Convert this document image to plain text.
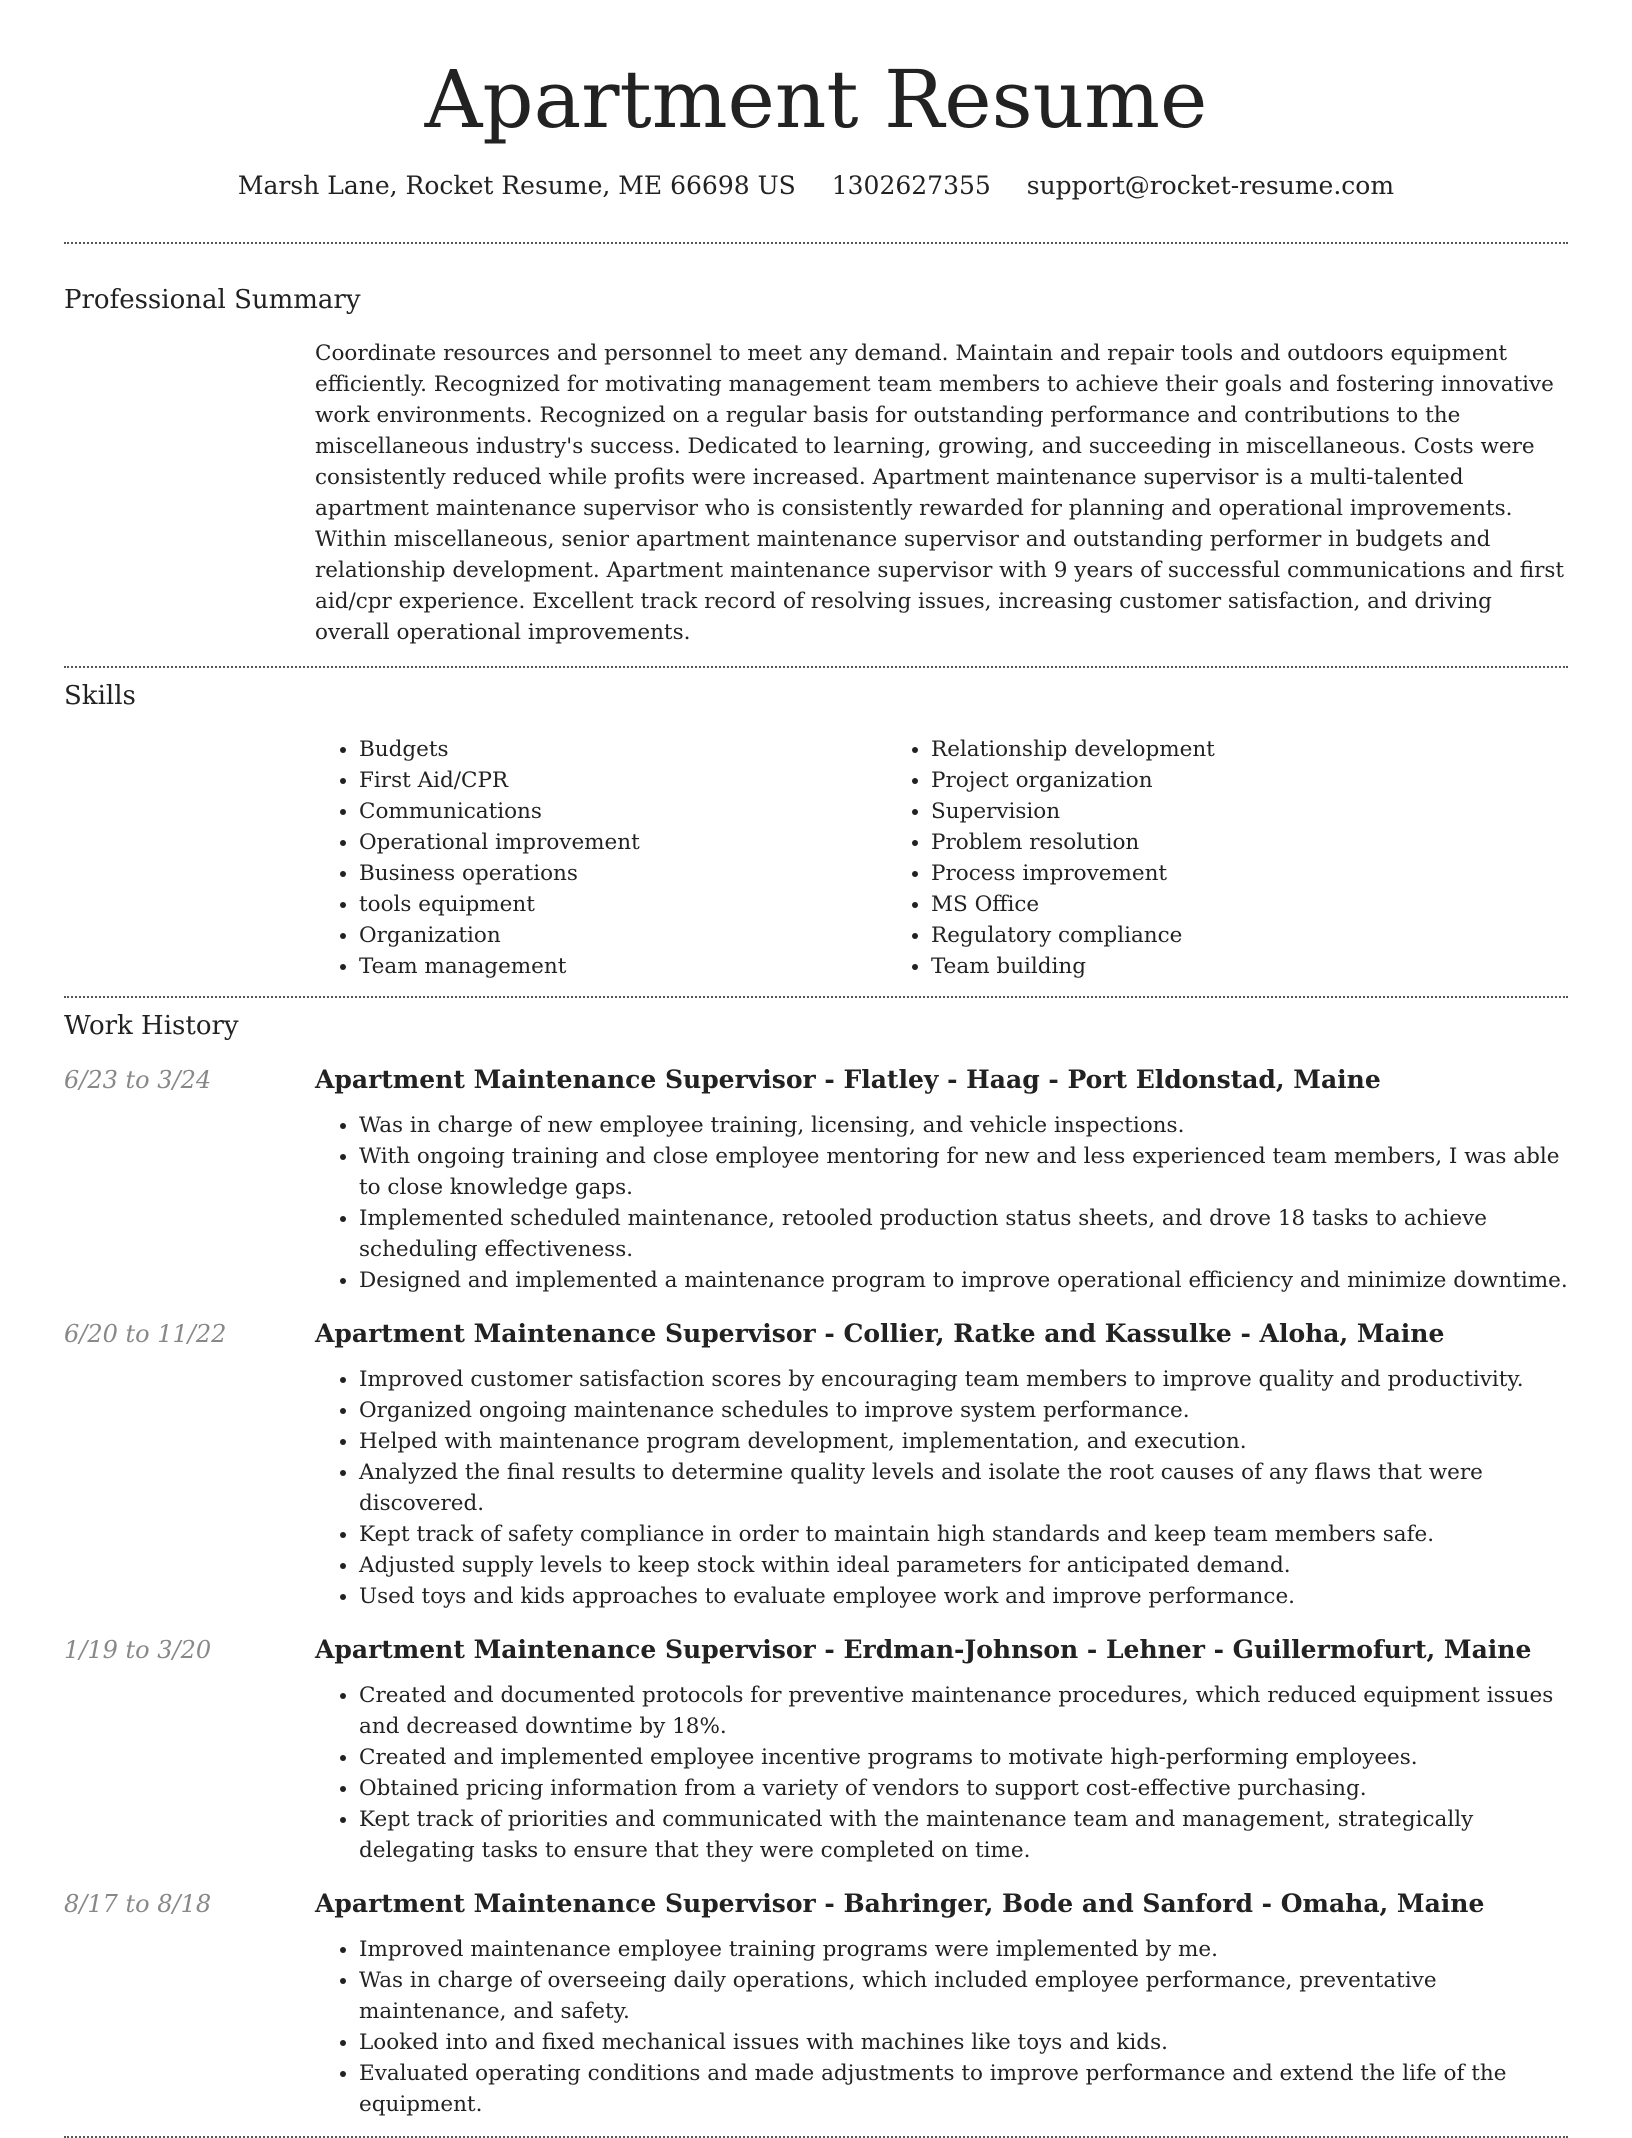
Apartment Resume
Marsh Lane, Rocket Resume, ME 66698 US 1302627355 support@rocket-resume.com
Professional Summary
Coordinate resources and personnel to meet any demand. Maintain and repair tools and outdoors equipment efficiently. Recognized for motivating management team members to achieve their goals and fostering innovative work environments. Recognized on a regular basis for outstanding performance and contributions to the miscellaneous industry's success. Dedicated to learning, growing, and succeeding in miscellaneous. Costs were consistently reduced while profits were increased. Apartment maintenance supervisor is a multi-talented apartment maintenance supervisor who is consistently rewarded for planning and operational improvements. Within miscellaneous, senior apartment maintenance supervisor and outstanding performer in budgets and relationship development. Apartment maintenance supervisor with 9 years of successful communications and first aid/cpr experience. Excellent track record of resolving issues, increasing customer satisfaction, and driving overall operational improvements.
Skills
• Budgets
• First Aid/CPR
• Communications
• Operational improvement
• Business operations
• tools equipment
• Organization
• Team management
• Relationship development
• Project organization
• Supervision
• Problem resolution
• Process improvement
• MS Office
• Regulatory compliance
• Team building
Work History
6/23 to 3/24	Apartment Maintenance Supervisor - Flatley - Haag - Port Eldonstad, Maine
• Was in charge of new employee training, licensing, and vehicle inspections.
• With ongoing training and close employee mentoring for new and less experienced team members, I was able to close knowledge gaps.
• Implemented scheduled maintenance, retooled production status sheets, and drove 18 tasks to achieve scheduling effectiveness.
• Designed and implemented a maintenance program to improve operational efficiency and minimize downtime.
6/20 to 11/22	Apartment Maintenance Supervisor - Collier, Ratke and Kassulke - Aloha, Maine
• Improved customer satisfaction scores by encouraging team members to improve quality and productivity.
• Organized ongoing maintenance schedules to improve system performance.
• Helped with maintenance program development, implementation, and execution.
• Analyzed the final results to determine quality levels and isolate the root causes of any flaws that were discovered.
• Kept track of safety compliance in order to maintain high standards and keep team members safe.
• Adjusted supply levels to keep stock within ideal parameters for anticipated demand.
• Used toys and kids approaches to evaluate employee work and improve performance.
1/19 to 3/20	Apartment Maintenance Supervisor - Erdman-Johnson - Lehner - Guillermofurt, Maine
• Created and documented protocols for preventive maintenance procedures, which reduced equipment issues and decreased downtime by 18%.
• Created and implemented employee incentive programs to motivate high-performing employees.
• Obtained pricing information from a variety of vendors to support cost-effective purchasing.
• Kept track of priorities and communicated with the maintenance team and management, strategically delegating tasks to ensure that they were completed on time.
8/17 to 8/18	Apartment Maintenance Supervisor - Bahringer, Bode and Sanford - Omaha, Maine
• Improved maintenance employee training programs were implemented by me.
• Was in charge of overseeing daily operations, which included employee performance, preventative maintenance, and safety.
• Looked into and fixed mechanical issues with machines like toys and kids.
• Evaluated operating conditions and made adjustments to improve performance and extend the life of the equipment.
